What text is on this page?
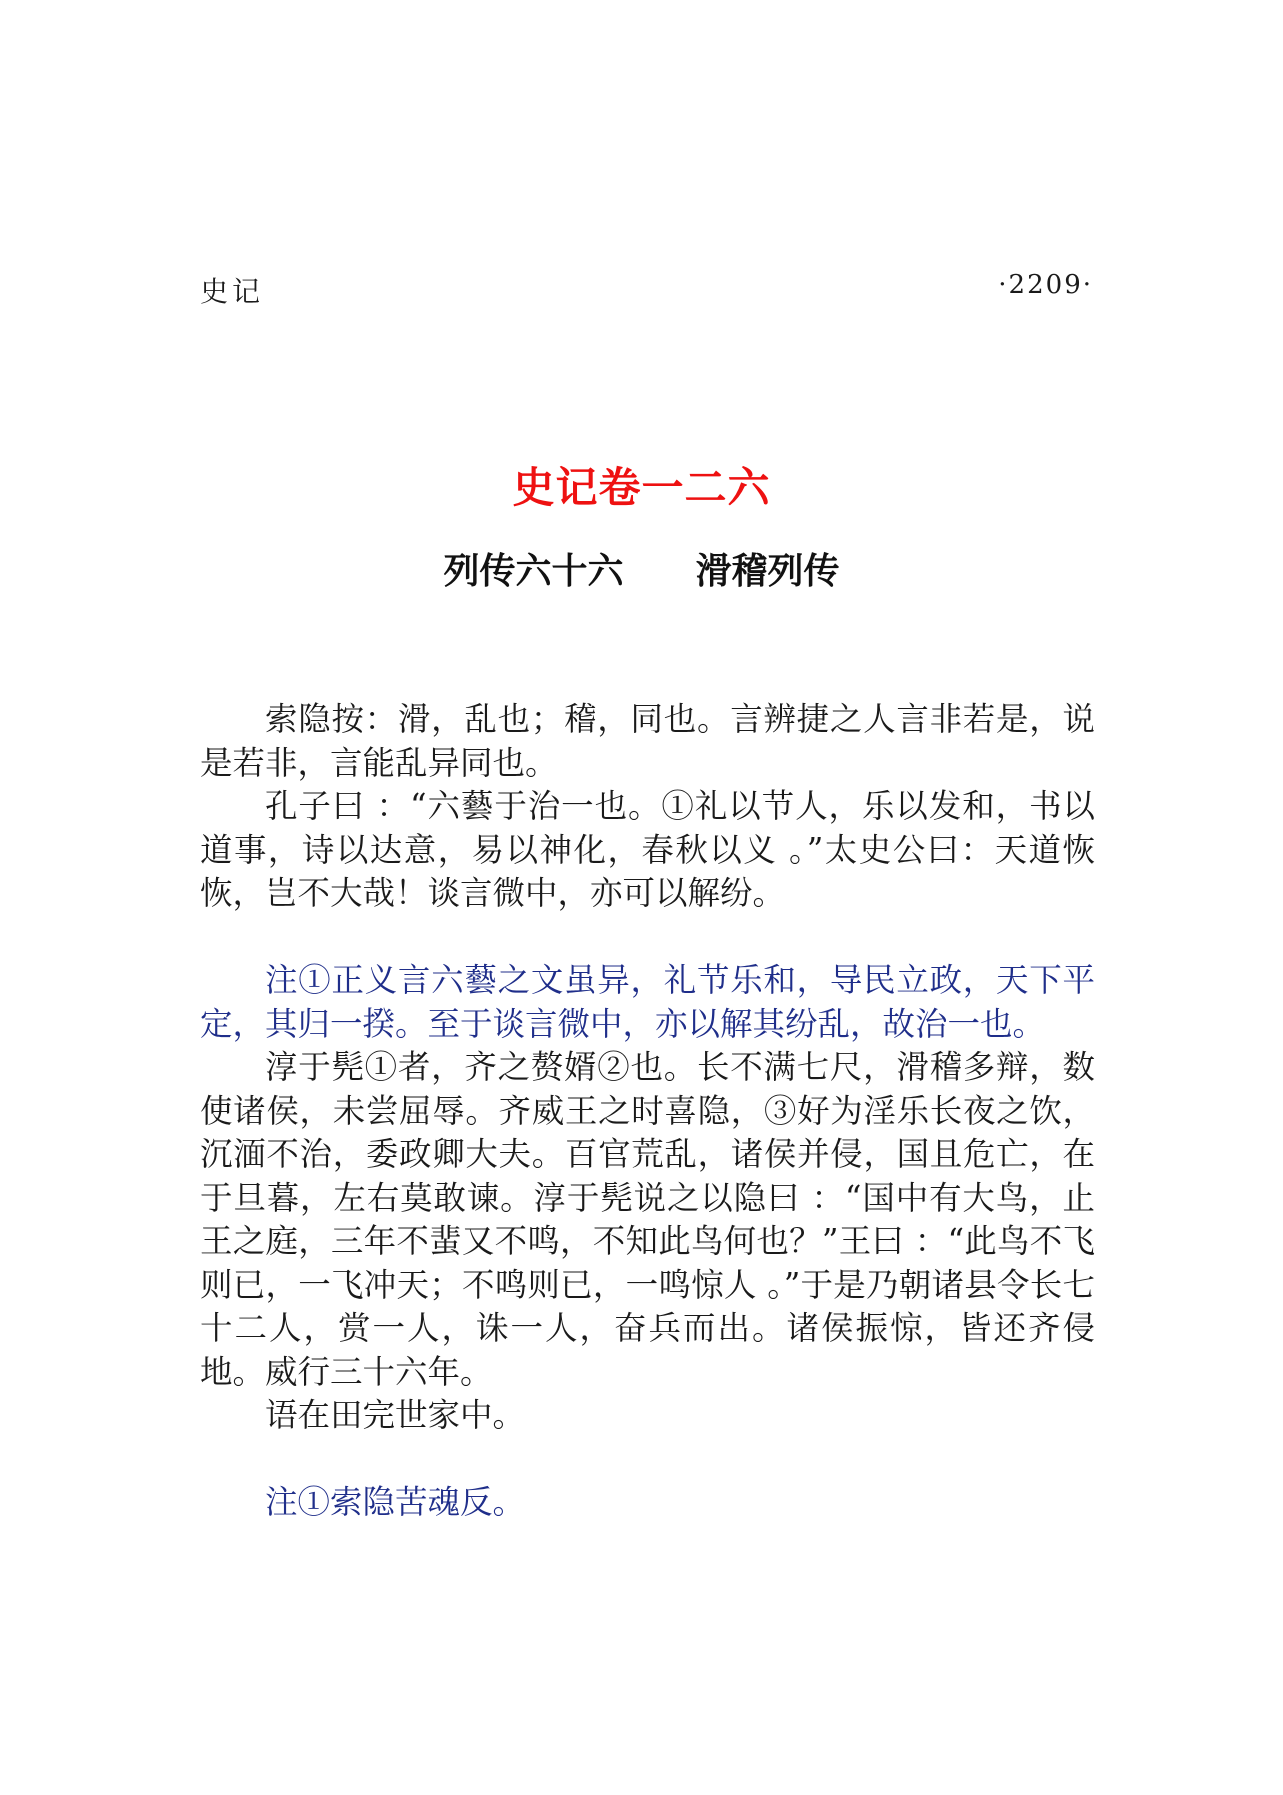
史记	·2209·
史记卷一二六
列传六十六　　滑稽列传

索隐按：滑，乱也；稽，同也。言辨捷之人言非若是，说是若非，言能乱异同也。

孔子曰 ：“六藝于治一也。①礼以节人，乐以发和，书以道事，诗以达意，易以神化，春秋以义 。”太史公曰：天道恢恢，岂不大哉！谈言微中，亦可以解纷。

注①正义言六藝之文虽异，礼节乐和，导民立政，天下平定，其归一揆。至于谈言微中，亦以解其纷乱，故治一也。

淳于髡①者，齐之赘婿②也。长不满七尺，滑稽多辩，数使诸侯，未尝屈辱。齐威王之时喜隐，③好为淫乐长夜之饮，沉湎不治，委政卿大夫。百官荒乱，诸侯并侵，国且危亡，在于旦暮，左右莫敢谏。淳于髡说之以隐曰 ：“国中有大鸟，止王之庭，三年不蜚又不鸣，不知此鸟何也？”王曰 ：“此鸟不飞则已，一飞冲天；不鸣则已，一鸣惊人 。”于是乃朝诸县令长七十二人，赏一人，诛一人，奋兵而出。诸侯振惊，皆还齐侵地。威行三十六年。

语在田完世家中。

注①索隐苦魂反。
